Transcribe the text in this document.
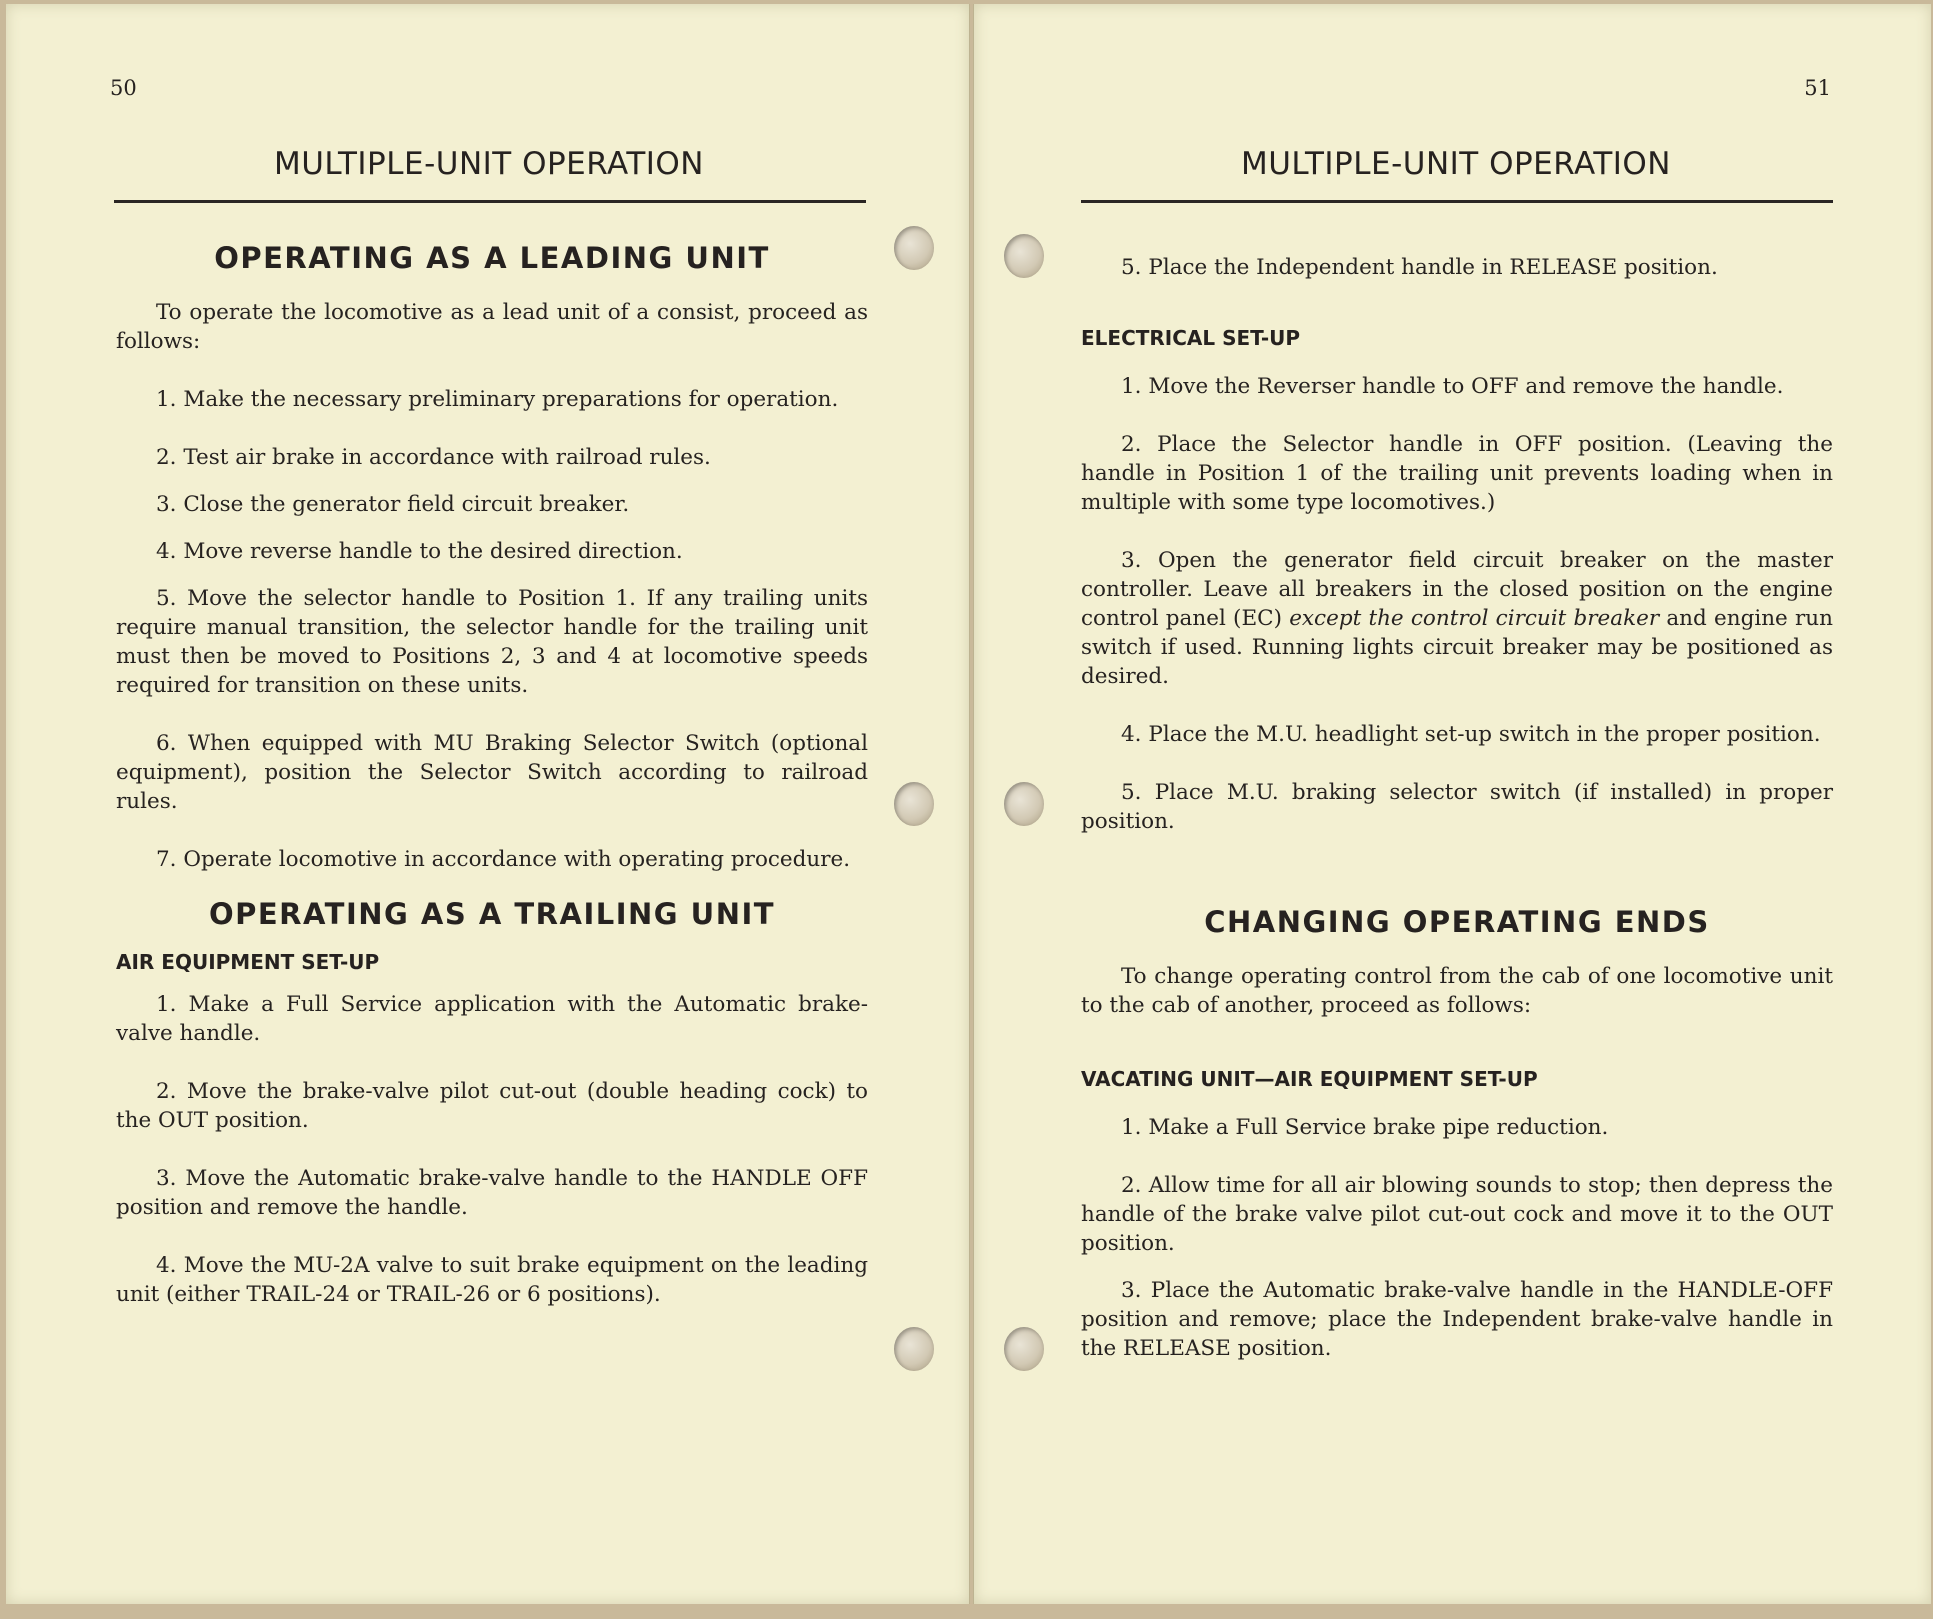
50
MULTIPLE-UNIT OPERATION
OPERATING AS A LEADING UNIT

To operate the locomotive as a lead unit of a consist, proceed as follows:

1. Make the necessary preliminary preparations for operation.

2. Test air brake in accordance with railroad rules.

3. Close the generator field circuit breaker.

4. Move reverse handle to the desired direction.

5. Move the selector handle to Position 1. If any trailing units require manual transition, the selector handle for the trailing unit must then be moved to Positions 2, 3 and 4 at locomotive speeds required for transition on these units.

6. When equipped with MU Braking Selector Switch (optional equipment), position the Selector Switch according to railroad rules.

7. Operate locomotive in accordance with operating procedure.

OPERATING AS A TRAILING UNIT
AIR EQUIPMENT SET-UP

1. Make a Full Service application with the Automatic brake-valve handle.

2. Move the brake-valve pilot cut-out (double heading cock) to the OUT position.

3. Move the Automatic brake-valve handle to the HANDLE OFF position and remove the handle.

4. Move the MU-2A valve to suit brake equipment on the leading unit (either TRAIL-24 or TRAIL-26 or 6 positions).

51
MULTIPLE-UNIT OPERATION

5. Place the Independent handle in RELEASE position.

ELECTRICAL SET-UP

1. Move the Reverser handle to OFF and remove the handle.

2. Place the Selector handle in OFF position. (Leaving the handle in Position 1 of the trailing unit prevents loading when in multiple with some type locomotives.)

3. Open the generator field circuit breaker on the master controller. Leave all breakers in the closed position on the engine control panel (EC) except the control circuit breaker and engine run switch if used. Running lights circuit breaker may be positioned as desired.

4. Place the M.U. headlight set-up switch in the proper position.

5. Place M.U. braking selector switch (if installed) in proper position.

CHANGING OPERATING ENDS

To change operating control from the cab of one locomotive unit to the cab of another, proceed as follows:

VACATING UNIT—AIR EQUIPMENT SET-UP

1. Make a Full Service brake pipe reduction.

2. Allow time for all air blowing sounds to stop; then depress the handle of the brake valve pilot cut-out cock and move it to the OUT position.

3. Place the Automatic brake-valve handle in the HANDLE-OFF position and remove; place the Independent brake-valve handle in the RELEASE position.
